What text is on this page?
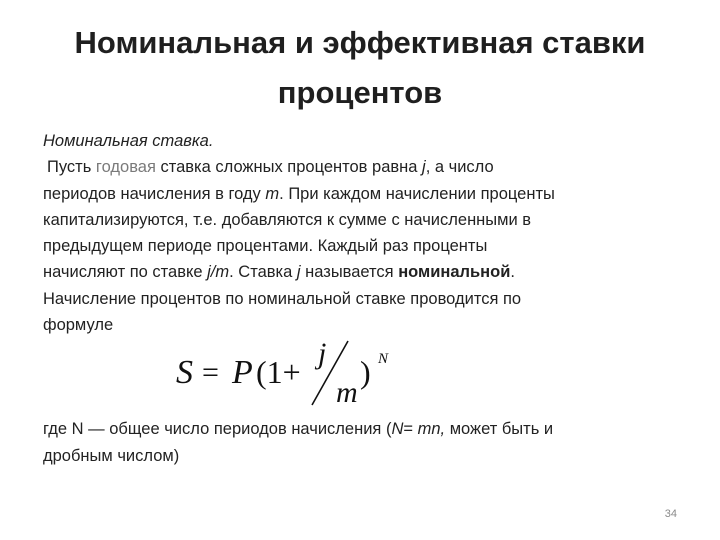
Номинальная и эффективная ставки
процентов
Номинальная ставка.
Пусть годовая ставка сложных процентов равна j, а число
периодов начисления в году m. При каждом начислении проценты
капитализируются, т.е. добавляются к сумме с начисленными в
предыдущем периоде процентами. Каждый раз проценты
начисляют по ставке j/m. Ставка j называется номинальной.
Начисление процентов по номинальной ставке проводится по
формуле
S = P (1+
j
m
) N
где N — общее число периодов начисления (N= mn, может быть и
дробным числом)
34
